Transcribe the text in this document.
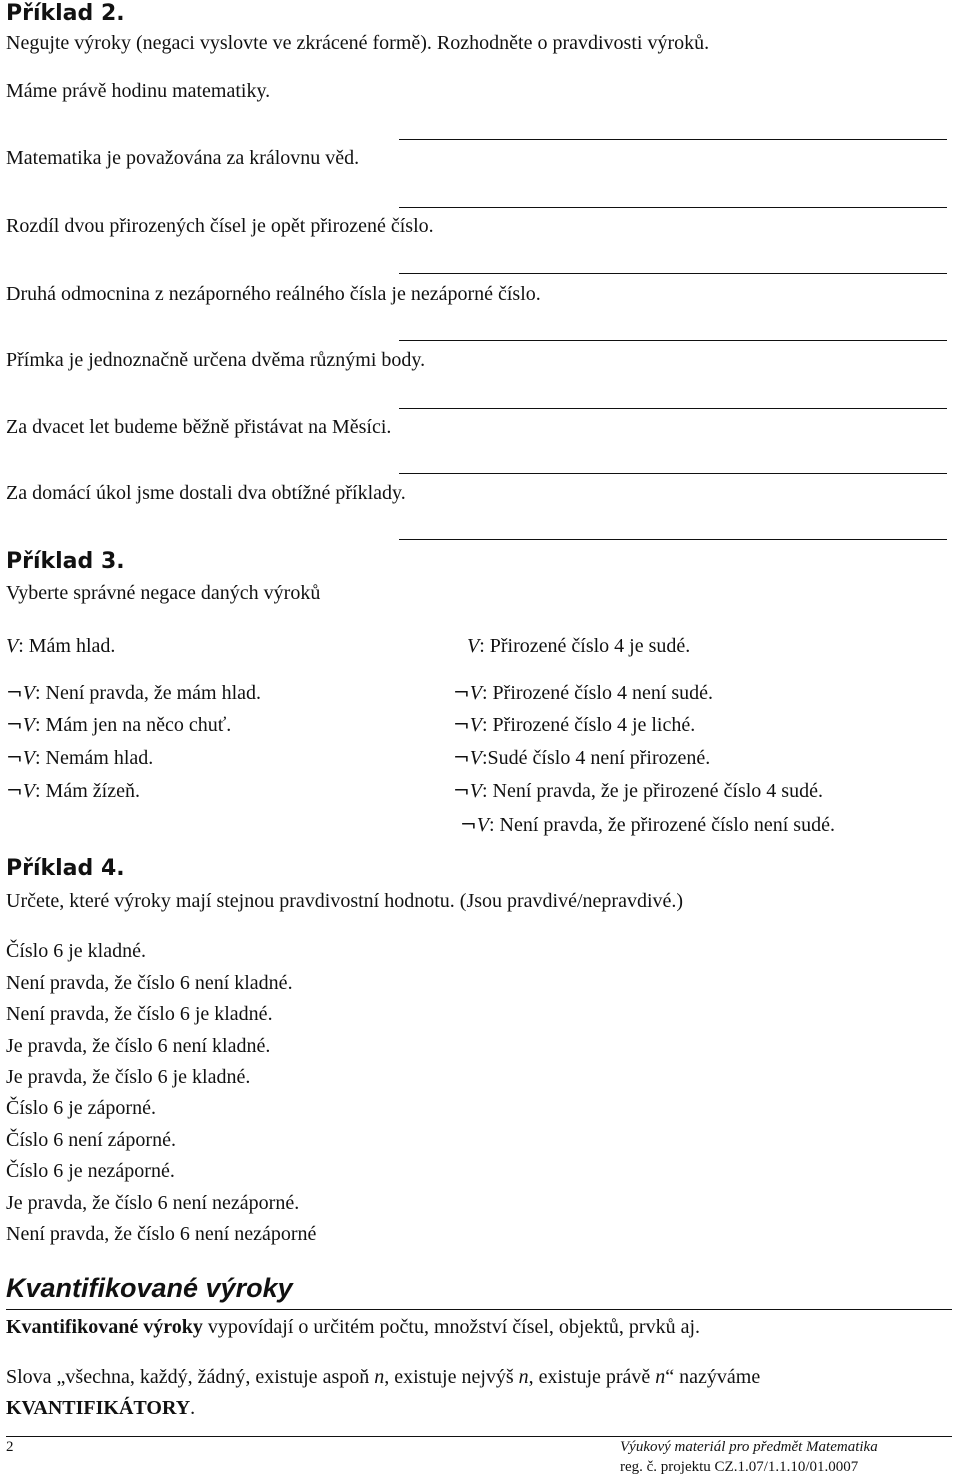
Příklad 2.
Negujte výroky (negaci vyslovte ve zkrácené formě). Rozhodněte o pravdivosti výroků.
Máme právě hodinu matematiky.
Matematika je považována za královnu věd.
Rozdíl dvou přirozených čísel je opět přirozené číslo.
Druhá odmocnina z nezáporného reálného čísla je nezáporné číslo.
Přímka je jednoznačně určena dvěma různými body.
Za dvacet let budeme běžně přistávat na Měsíci.
Za domácí úkol jsme dostali dva obtížné příklady.
Příklad 3.
Vyberte správné negace daných výroků
V: Mám hlad.
¬V: Není pravda, že mám hlad.
¬V: Mám jen na něco chuť.
¬V: Nemám hlad.
¬V: Mám žízeň.
V: Přirozené číslo 4 je sudé.
¬V: Přirozené číslo 4 není sudé.
¬V: Přirozené číslo 4 je liché.
¬V:Sudé číslo 4 není přirozené.
¬V: Není pravda, že je přirozené číslo 4 sudé.
¬V: Není pravda, že přirozené číslo není sudé.
Příklad 4.
Určete, které výroky mají stejnou pravdivostní hodnotu. (Jsou pravdivé/nepravdivé.)
Číslo 6 je kladné.
Není pravda, že číslo 6 není kladné.
Není pravda, že číslo 6 je kladné.
Je pravda, že číslo 6 není kladné.
Je pravda, že číslo 6 je kladné.
Číslo 6 je záporné.
Číslo 6 není záporné.
Číslo 6 je nezáporné.
Je pravda, že číslo 6 není nezáporné.
Není pravda, že číslo 6 není nezáporné
Kvantifikované výroky
Kvantifikované výroky vypovídají o určitém počtu, množství čísel, objektů, prvků aj.
Slova „všechna, každý, žádný, existuje aspoň n, existuje nejvýš n, existuje právě n“ nazýváme
KVANTIFIKÁTORY.
2	Výukový materiál pro předmět Matematika
reg. č. projektu CZ.1.07/1.1.10/01.0007
